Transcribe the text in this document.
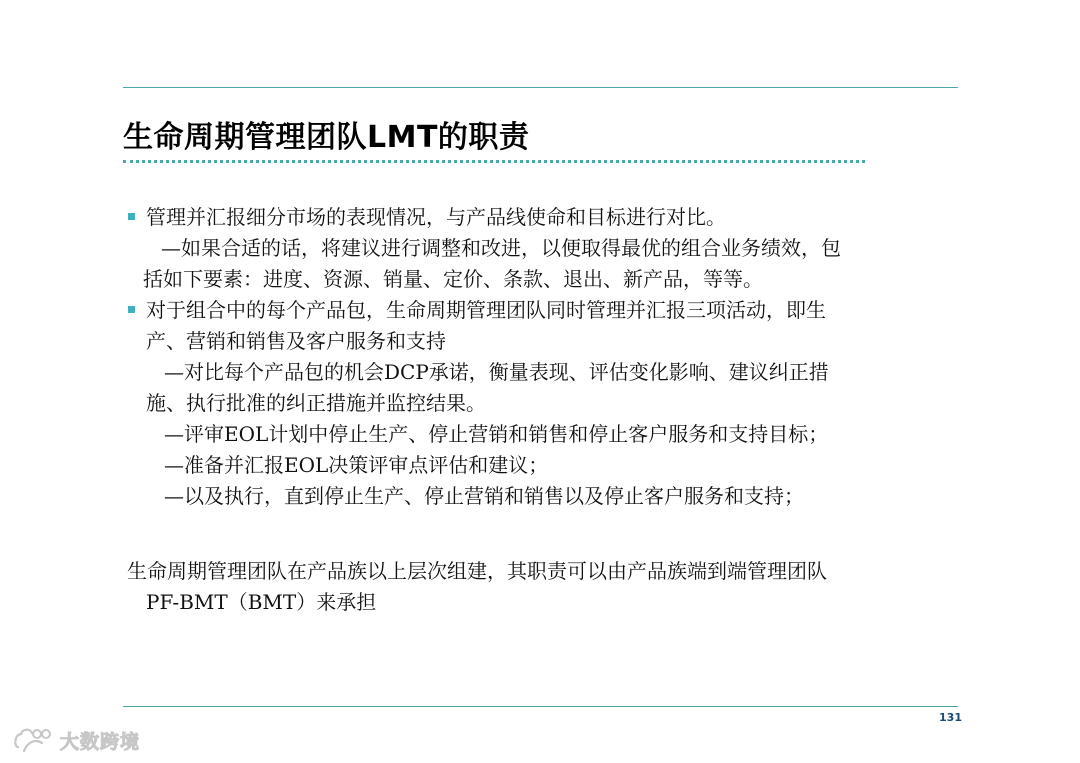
生命周期管理团队LMT的职责
管理并汇报细分市场的表现情况，与产品线使命和目标进行对比。
—如果合适的话，将建议进行调整和改进，以便取得最优的组合业务绩效，包
括如下要素：进度、资源、销量、定价、条款、退出、新产品，等等。
对于组合中的每个产品包，生命周期管理团队同时管理并汇报三项活动，即生
产、营销和销售及客户服务和支持
—对比每个产品包的机会DCP承诺，衡量表现、评估变化影响、建议纠正措
施、执行批准的纠正措施并监控结果。
—评审EOL计划中停止生产、停止营销和销售和停止客户服务和支持目标；
—准备并汇报EOL决策评审点评估和建议；
—以及执行，直到停止生产、停止营销和销售以及停止客户服务和支持；
生命周期管理团队在产品族以上层次组建，其职责可以由产品族端到端管理团队
PF-BMT（BMT）来承担
131
大数跨境
